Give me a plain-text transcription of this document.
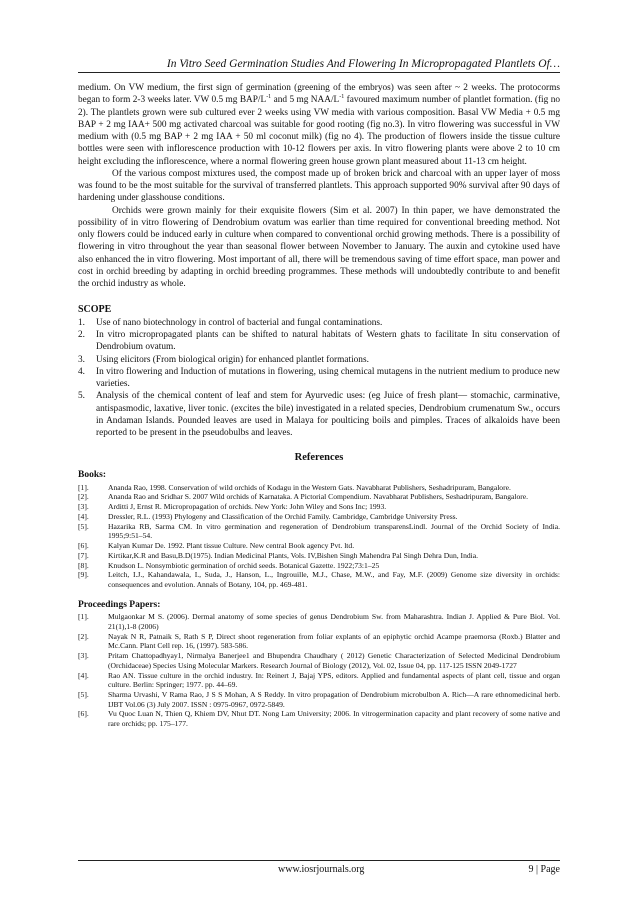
In Vitro Seed Germination Studies And Flowering In Micropropagated Plantlets Of…

medium. On VW medium, the first sign of germination (greening of the embryos) was seen after ~ 2 weeks. The protocorms began to form 2-3 weeks later. VW 0.5 mg BAP/$L^{-1}$ and 5 mg NAA/$L^{-1}$ favoured maximum number of plantlet formation. (fig no 2). The plantlets grown were sub cultured ever 2 weeks using VW media with various composition. Basal VW Media + 0.5 mg BAP + 2 mg IAA+ 500 mg activated charcoal was suitable for good rooting (fig no.3). In vitro flowering was successful in VW medium with (0.5 mg BAP + 2 mg IAA + 50 ml coconut milk) (fig no 4). The production of flowers inside the tissue culture bottles were seen with inflorescence production with 10-12 flowers per axis. In vitro flowering plants were above 2 to 10 cm height excluding the inflorescence, where a normal flowering green house grown plant measured about 11-13 cm height.

Of the various compost mixtures used, the compost made up of broken brick and charcoal with an upper layer of moss was found to be the most suitable for the survival of transferred plantlets. This approach supported 90% survival after 90 days of hardening under glasshouse conditions.

Orchids were grown mainly for their exquisite flowers (Sim et al. 2007) In thin paper, we have demonstrated the possibility of in vitro flowering of Dendrobium ovatum was earlier than time required for conventional breeding method. Not only flowers could be induced early in culture when compared to conventional orchid growing methods. There is a possibility of flowering in vitro throughout the year than seasonal flower between November to January. The auxin and cytokine used have also enhanced the in vitro flowering. Most important of all, there will be tremendous saving of time effort space, man power and cost in orchid breeding by adapting in orchid breeding programmes. These methods will undoubtedly contribute to and benefit the orchid industry as whole.

SCOPE
1.	Use of nano biotechnology in control of bacterial and fungal contaminations.
2.	In vitro micropropagated plants can be shifted to natural habitats of Western ghats to facilitate In situ conservation of Dendrobium ovatum.
3.	Using elicitors (From biological origin) for enhanced plantlet formations.
4.	In vitro flowering and Induction of mutations in flowering, using chemical mutagens in the nutrient medium to produce new varieties.
5.	Analysis of the chemical content of leaf and stem for Ayurvedic uses: (eg Juice of fresh plant— stomachic, carminative, antispasmodic, laxative, liver tonic. (excites the bile) investigated in a related species, Dendrobium crumenatum Sw., occurs in Andaman Islands. Pounded leaves are used in Malaya for poulticing boils and pimples. Traces of alkaloids have been reported to be present in the pseudobulbs and leaves.
References
Books:
[1].	Ananda Rao, 1998. Conservation of wild orchids of Kodagu in the Western Gats. Navabharat Publishers, Seshadripuram, Bangalore.
[2].	Ananda Rao and Sridhar S. 2007 Wild orchids of Karnataka. A Pictorial Compendium. Navabharat Publishers, Seshadripuram, Bangalore.
[3].	Arditti J, Ernst R. Micropropagation of orchids. New York: John Wiley and Sons Inc; 1993.
[4].	Dressler, R.L. (1993) Phylogeny and Classification of the Orchid Family. Cambridge, Cambridge University Press.
[5].	Hazarika RB, Sarma CM. In vitro germination and regeneration of Dendrobium transparensLindl. Journal of the Orchid Society of India. 1995;9:51–54.
[6].	Kalyan Kumar De. 1992. Plant tissue Culture. New central Book agency Pvt. ltd.
[7].	Kirtikar,K.R and Basu,B.D(1975). Indian Medicinal Plants, Vols. IV,Bishen Singh Mahendra Pal Singh Dehra Dun, India.
[8].	Knudson L. Nonsymbiotic germination of orchid seeds. Botanical Gazette. 1922;73:1–25
[9].	Leitch, I.J., Kahandawala, I., Suda, J., Hanson, L., Ingrouille, M.J., Chase, M.W., and Fay, M.F. (2009) Genome size diversity in orchids: consequences and evolution. Annals of Botany, 104, pp. 469-481.
Proceedings Papers:
[1].	Mulgaonkar M S. (2006). Dermal anatomy of some species of genus Dendrobium Sw. from Maharashtra. Indian J. Applied & Pure Biol. Vol. 21(1),1-8 (2006)
[2].	Nayak N R, Patnaik S, Rath S P, Direct shoot regeneration from foliar explants of an epiphytic orchid Acampe praemorsa (Roxb.) Blatter and Mc.Cann. Plant Cell rep. 16, (1997). 583-586.
[3].	Pritam Chattopadhyay1, Nirmalya Banerjee1 and Bhupendra Chaudhary ( 2012) Genetic Characterization of Selected Medicinal Dendrobium (Orchidaceae) Species Using Molecular Markers. Research Journal of Biology (2012), Vol. 02, Issue 04, pp. 117-125 ISSN 2049-1727
[4].	Rao AN. Tissue culture in the orchid industry. In: Reinert J, Bajaj YPS, editors. Applied and fundamental aspects of plant cell, tissue and organ culture. Berlin: Springer; 1977. pp. 44–69.
[5].	Sharma Urvashi, V Rama Rao, J S S Mohan, A S Reddy. In vitro propagation of Dendrobium microbulbon A. Rich—A rare ethnomedicinal herb. IJBT Vol.06 (3) July 2007. ISSN : 0975-0967, 0972-5849.
[6].	Vu Quoc Luan N, Thien Q, Khiem DV, Nhut DT. Nong Lam University; 2006. In vitrogermination capacity and plant recovery of some native and rare orchids; pp. 175–177.
www.iosrjournals.org	9 | Page
